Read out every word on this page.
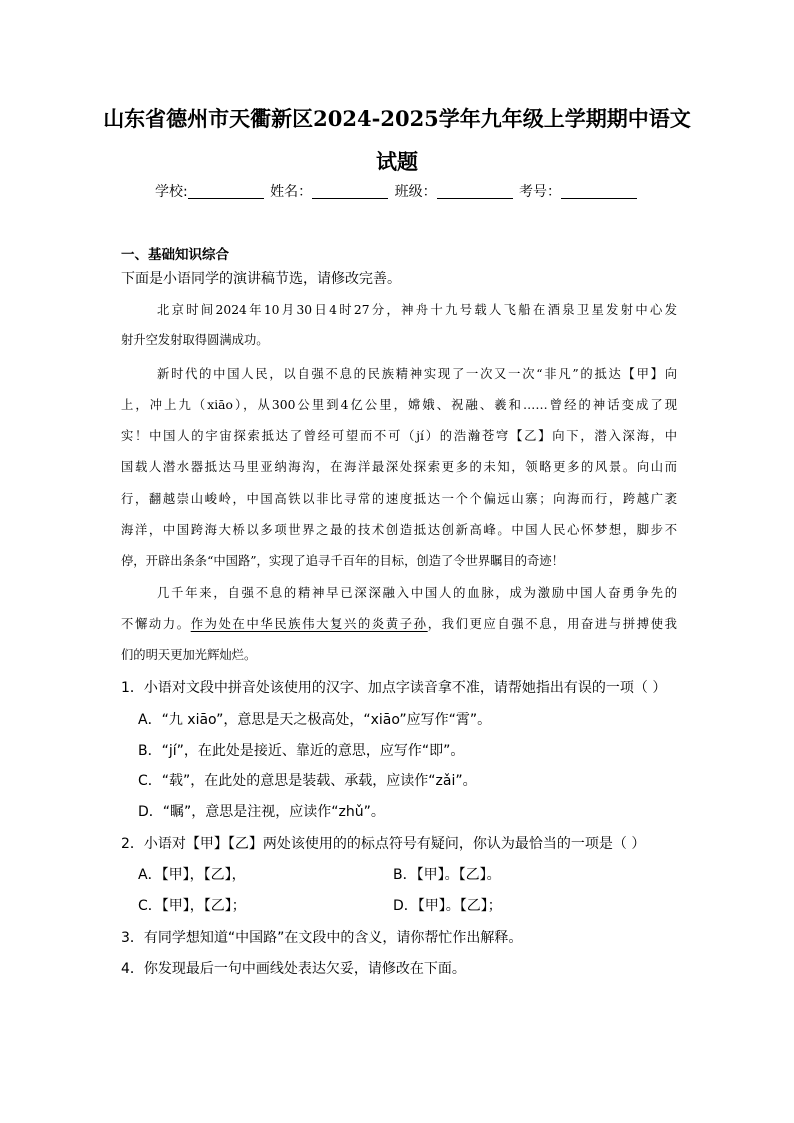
山东省德州市天衢新区2024-2025学年九年级上学期期中语文
试题
学校:	姓名：	班级：	考号：
一、基础知识综合
下面是小语同学的演讲稿节选，请修改完善。
北京时间2024年10月30日4时27分，神舟十九号载人飞船在酒泉卫星发射中心发
射升空发射取得圆满成功。
新时代的中国人民，以自强不息的民族精神实现了一次又一次“非凡”的抵达【甲】向
上，冲上九（xiāo），从300公里到4亿公里，嫦娥、祝融、羲和……曾经的神话变成了现
实！中国人的宇宙探索抵达了曾经可望而不可（jí）的浩瀚苍穹【乙】向下，潜入深海，中
国载人潜水器抵达马里亚纳海沟，在海洋最深处探索更多的未知，领略更多的风景。向山而
行，翻越崇山峻岭，中国高铁以非比寻常的速度抵达一个个偏远山寨；向海而行，跨越广袤
海洋，中国跨海大桥以多项世界之最的技术创造抵达创新高峰。中国人民心怀梦想，脚步不
停，开辟出条条“中国路”，实现了追寻千百年的目标，创造了令世界瞩目的奇迹！
几千年来，自强不息的精神早已深深融入中国人的血脉，成为激励中国人奋勇争先的
不懈动力。作为处在中华民族伟大复兴的炎黄子孙，我们更应自强不息，用奋进与拼搏使我
们的明天更加光辉灿烂。
1．小语对文段中拼音处该使用的汉字、加点字读音拿不准，请帮她指出有误的一项（ ）
A．“九 xiāo”，意思是天之极高处，“xiāo”应写作“霄”。
B．“jí”，在此处是接近、靠近的意思，应写作“即”。
C．“载”，在此处的意思是装载、承载，应读作“zǎi”。
D．“瞩”，意思是注视，应读作“zhǔ”。
2．小语对【甲】【乙】两处该使用的的标点符号有疑问，你认为最恰当的一项是（ ）
A．【甲】，【乙】，	B．【甲】。【乙】。
C．【甲】，【乙】；	D．【甲】。【乙】；
3．有同学想知道“中国路”在文段中的含义，请你帮忙作出解释。
4．你发现最后一句中画线处表达欠妥，请修改在下面。
